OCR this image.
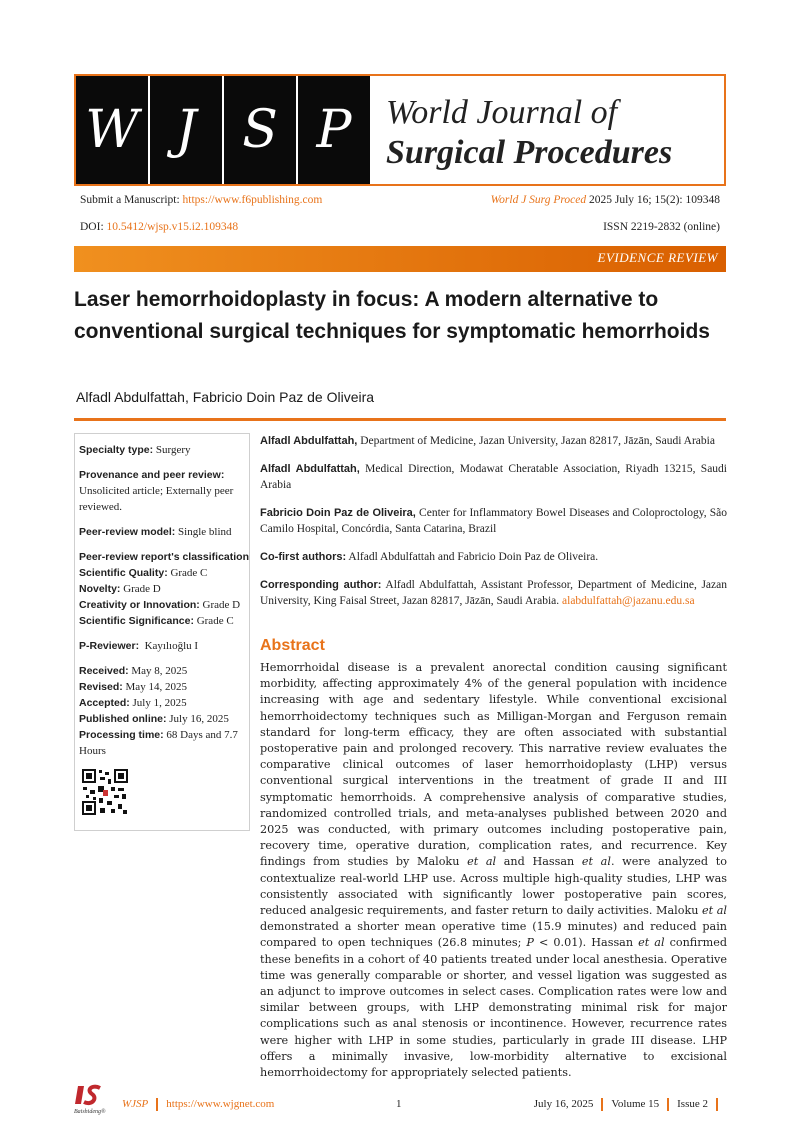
W J S P	World Journal of
Surgical Procedures
Submit a Manuscript: https://www.f6publishing.com	World J Surg Proced 2025 July 16; 15(2): 109348
DOI: 10.5412/wjsp.v15.i2.109348	ISSN 2219-2832 (online)
EVIDENCE REVIEW
Laser hemorrhoidoplasty in focus: A modern alternative to conventional surgical techniques for symptomatic hemorrhoids
Alfadl Abdulfattah, Fabricio Doin Paz de Oliveira

Specialty type: Surgery

Provenance and peer review:

Unsolicited article; Externally peer reviewed.

Peer-review model: Single blind

Peer-review report's classification

Scientific Quality: Grade C

Novelty: Grade D

Creativity or Innovation: Grade D

Scientific Significance: Grade C

P-Reviewer: Kayılıoğlu I

Received: May 8, 2025

Revised: May 14, 2025

Accepted: July 1, 2025

Published online: July 16, 2025

Processing time: 68 Days and 7.7 Hours

Alfadl Abdulfattah, Department of Medicine, Jazan University, Jazan 82817, Jāzān, Saudi Arabia

Alfadl Abdulfattah, Medical Direction, Modawat Cheratable Association, Riyadh 13215, Saudi Arabia

Fabricio Doin Paz de Oliveira, Center for Inflammatory Bowel Diseases and Coloproctology, São Camilo Hospital, Concórdia, Santa Catarina, Brazil

Co-first authors: Alfadl Abdulfattah and Fabricio Doin Paz de Oliveira.

Corresponding author: Alfadl Abdulfattah, Assistant Professor, Department of Medicine, Jazan University, King Faisal Street, Jazan 82817, Jāzān, Saudi Arabia. alabdulfattah@jazanu.edu.sa

Abstract
Hemorrhoidal disease is a prevalent anorectal condition causing significant morbidity, affecting approximately 4% of the general population with incidence increasing with age and sedentary lifestyle. While conventional excisional hemorrhoidectomy techniques such as Milligan-Morgan and Ferguson remain standard for long-term efficacy, they are often associated with substantial postoperative pain and prolonged recovery. This narrative review evaluates the comparative clinical outcomes of laser hemorrhoidoplasty (LHP) versus conventional surgical interventions in the treatment of grade II and III symptomatic hemorrhoids. A comprehensive analysis of comparative studies, randomized controlled trials, and meta-analyses published between 2020 and 2025 was conducted, with primary outcomes including postoperative pain, recovery time, operative duration, complication rates, and recurrence. Key findings from studies by Maloku et al and Hassan et al. were analyzed to contextualize real-world LHP use. Across multiple high-quality studies, LHP was consistently associated with significantly lower postoperative pain scores, reduced analgesic requirements, and faster return to daily activities. Maloku et al demonstrated a shorter mean operative time (15.9 minutes) and reduced pain compared to open techniques (26.8 minutes; P < 0.01). Hassan et al confirmed these benefits in a cohort of 40 patients treated under local anesthesia. Operative time was generally comparable or shorter, and vessel ligation was suggested as an adjunct to improve outcomes in select cases. Complication rates were low and similar between groups, with LHP demonstrating minimal risk for major complications such as anal stenosis or incontinence. However, recurrence rates were higher with LHP in some studies, particularly in grade III disease. LHP offers a minimally invasive, low-morbidity alternative to excisional hemorrhoidectomy for appropriately selected patients.
Baishideng®
WJSP https://www.wjgnet.com	1	July 16, 2025 Volume 15 Issue 2
